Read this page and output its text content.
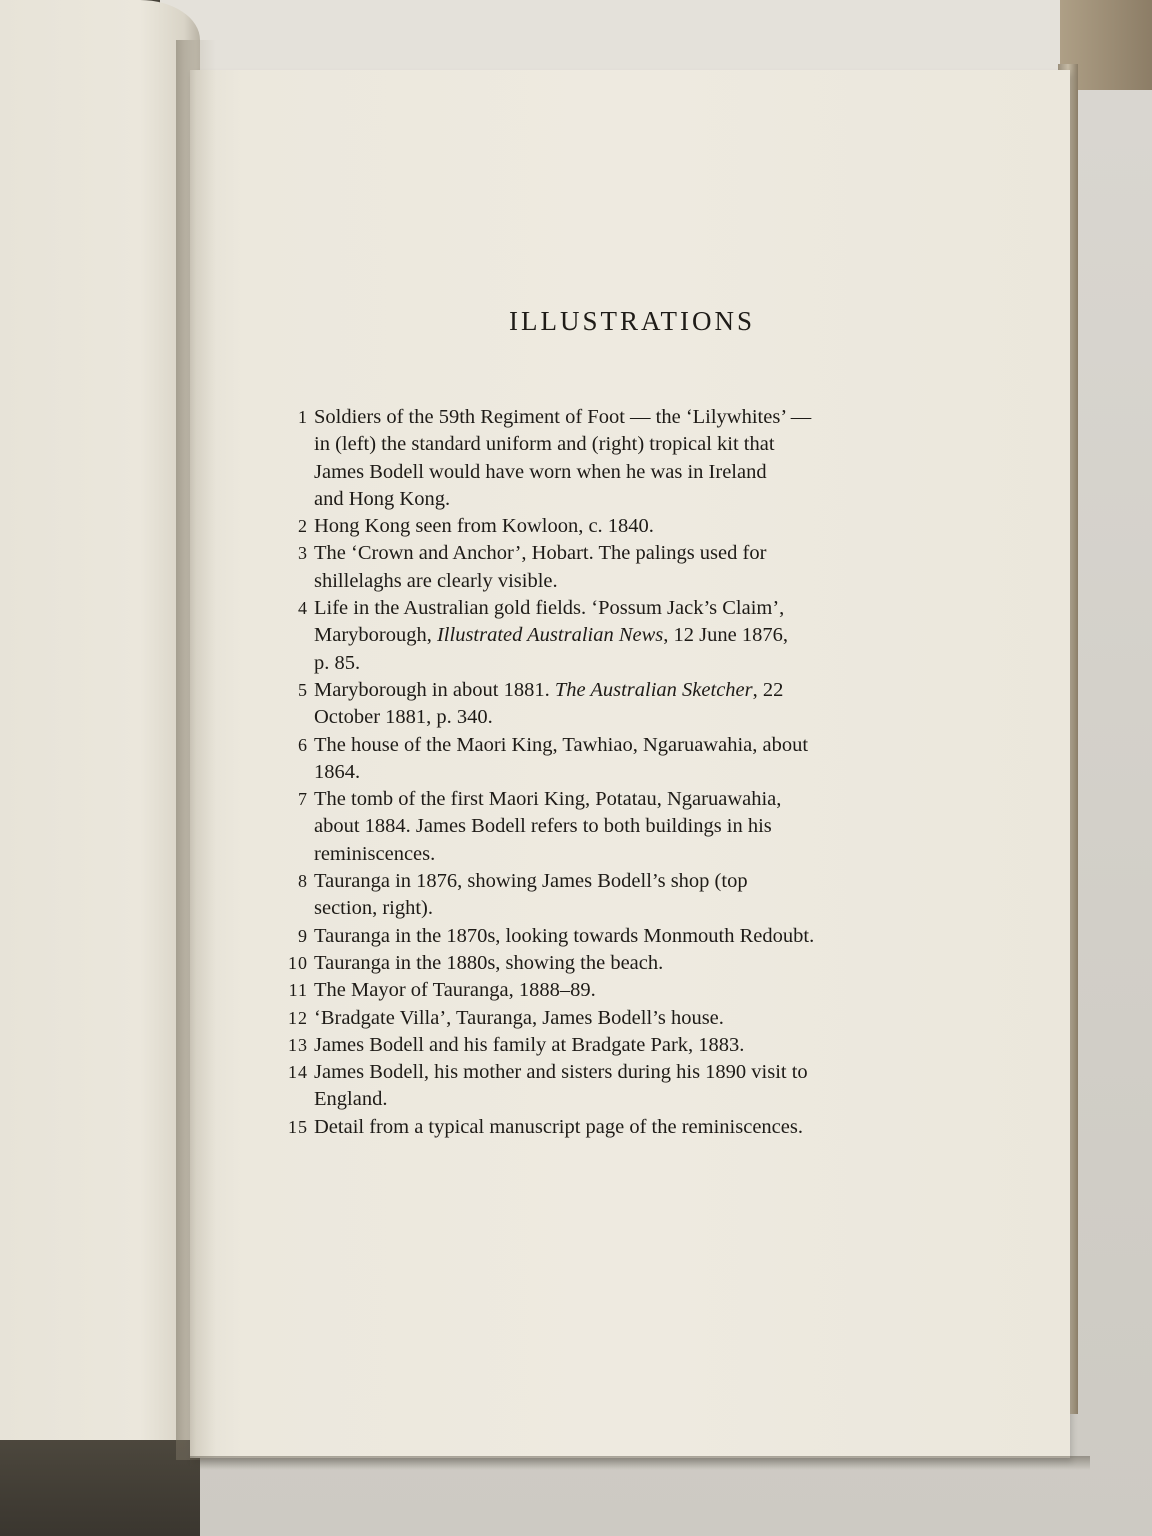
ILLUSTRATIONS
1 Soldiers of the 59th Regiment of Foot — the ‘Lilywhites’ —
in (left) the standard uniform and (right) tropical kit that
James Bodell would have worn when he was in Ireland
and Hong Kong.
2 Hong Kong seen from Kowloon, c. 1840.
3 The ‘Crown and Anchor’, Hobart. The palings used for
shillelaghs are clearly visible.
4 Life in the Australian gold fields. ‘Possum Jack’s Claim’,
Maryborough, Illustrated Australian News, 12 June 1876,
p. 85.
5 Maryborough in about 1881. The Australian Sketcher, 22
October 1881, p. 340.
6 The house of the Maori King, Tawhiao, Ngaruawahia, about
1864.
7 The tomb of the first Maori King, Potatau, Ngaruawahia,
about 1884. James Bodell refers to both buildings in his
reminiscences.
8 Tauranga in 1876, showing James Bodell’s shop (top
section, right).
9 Tauranga in the 1870s, looking towards Monmouth Redoubt.
10 Tauranga in the 1880s, showing the beach.
11 The Mayor of Tauranga, 1888–89.
12 ‘Bradgate Villa’, Tauranga, James Bodell’s house.
13 James Bodell and his family at Bradgate Park, 1883.
14 James Bodell, his mother and sisters during his 1890 visit to
England.
15 Detail from a typical manuscript page of the reminiscences.
